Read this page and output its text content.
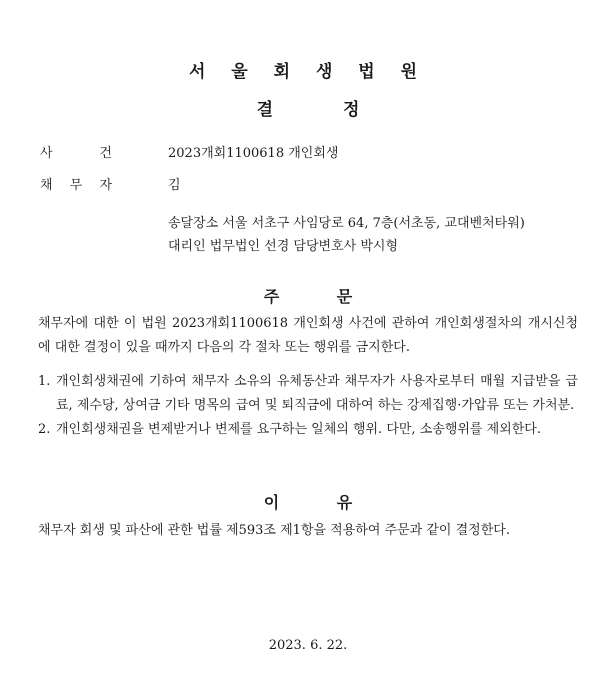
서 울 회 생 법 원
결	정
사	건	2023개회1100618 개인회생
채 무 자	김
송달장소 서울 서초구 사임당로 64, 7층(서초동, 교대벤처타워)
대리인 법무법인 선경 담당변호사 박시형
주	문
채무자에 대한 이 법원 2023개회1100618 개인회생 사건에 관하여 개인회생절차의 개시신청에 대한 결정이 있을 때까지 다음의 각 절차 또는 행위를 금지한다.
1. 개인회생채권에 기하여 채무자 소유의 유체동산과 채무자가 사용자로부터 매월 지급받을 급료, 제수당, 상여금 기타 명목의 급여 및 퇴직금에 대하여 하는 강제집행·가압류 또는 가처분.
2. 개인회생채권을 변제받거나 변제를 요구하는 일체의 행위. 다만, 소송행위를 제외한다.
이	유
채무자 회생 및 파산에 관한 법률 제593조 제1항을 적용하여 주문과 같이 결정한다.
2023. 6. 22.
